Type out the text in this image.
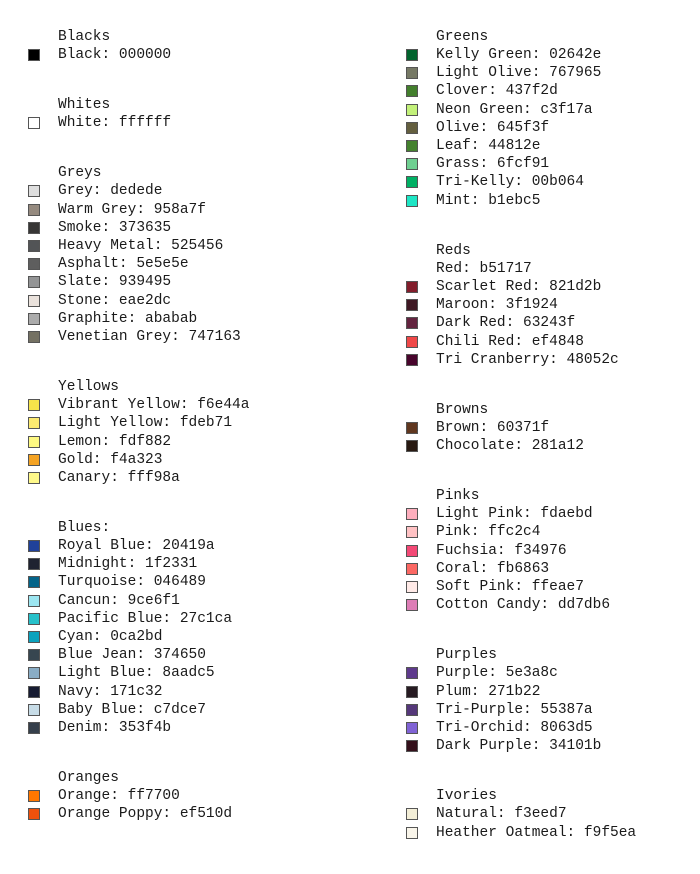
Blacks
Black: 000000
Whites
White: ffffff
Greys
Grey: dedede
Warm Grey: 958a7f
Smoke: 373635
Heavy Metal: 525456
Asphalt: 5e5e5e
Slate: 939495
Stone: eae2dc
Graphite: ababab
Venetian Grey: 747163
Yellows
Vibrant Yellow: f6e44a
Light Yellow: fdeb71
Lemon: fdf882
Gold: f4a323
Canary: fff98a
Blues:
Royal Blue: 20419a
Midnight: 1f2331
Turquoise: 046489
Cancun: 9ce6f1
Pacific Blue: 27c1ca
Cyan: 0ca2bd
Blue Jean: 374650
Light Blue: 8aadc5
Navy: 171c32
Baby Blue: c7dce7
Denim: 353f4b
Oranges
Orange: ff7700
Orange Poppy: ef510d
Greens
Kelly Green: 02642e
Light Olive: 767965
Clover: 437f2d
Neon Green: c3f17a
Olive: 645f3f
Leaf: 44812e
Grass: 6fcf91
Tri-Kelly: 00b064
Mint: b1ebc5
Reds
Red: b51717
Scarlet Red: 821d2b
Maroon: 3f1924
Dark Red: 63243f
Chili Red: ef4848
Tri Cranberry: 48052c
Browns
Brown: 60371f
Chocolate: 281a12
Pinks
Light Pink: fdaebd
Pink: ffc2c4
Fuchsia: f34976
Coral: fb6863
Soft Pink: ffeae7
Cotton Candy: dd7db6
Purples
Purple: 5e3a8c
Plum: 271b22
Tri-Purple: 55387a
Tri-Orchid: 8063d5
Dark Purple: 34101b
Ivories
Natural: f3eed7
Heather Oatmeal: f9f5ea
